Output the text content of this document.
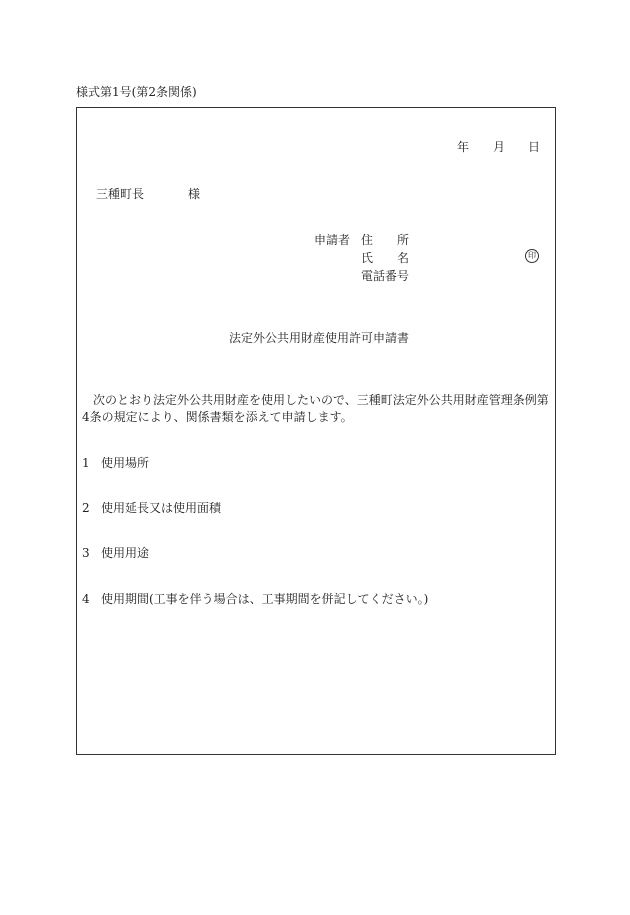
様式第1号(第2条関係)
年 月 日
三種町長	様
申請者 住　　所
氏　　名
電話番号
印
法定外公共用財産使用許可申請書
次のとおり法定外公共用財産を使用したいので、三種町法定外公共用財産管理条例第4条の規定により、関係書類を添えて申請します。
1 使用場所
2 使用延長又は使用面積
3 使用用途
4 使用期間(工事を伴う場合は、工事期間を併記してください。)
